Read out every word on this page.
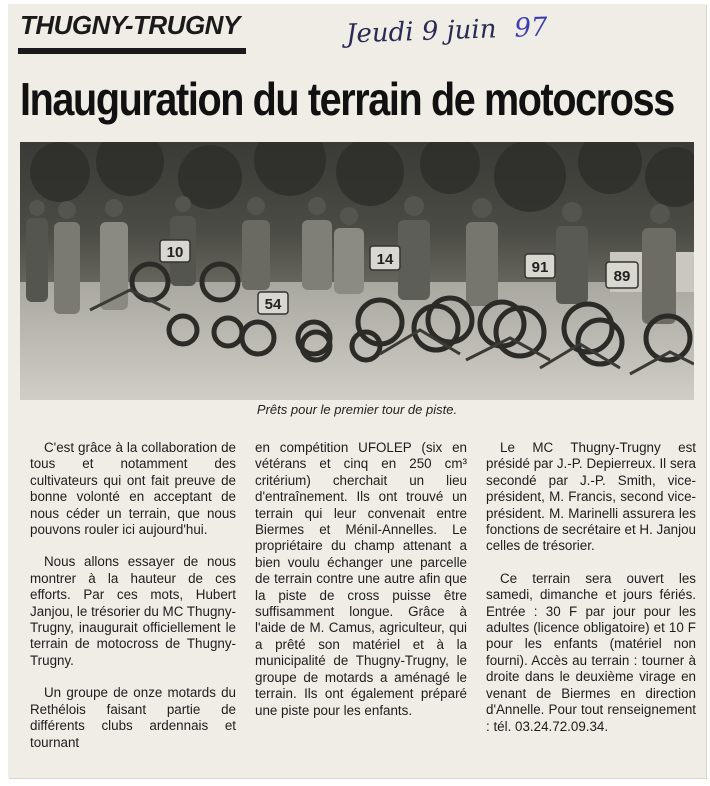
THUGNY-TRUGNY	Jeudi 9 juin 97
Inauguration du terrain de motocross
10
54
14	91
89
Prêts pour le premier tour de piste.

C'est grâce à la collaboration de tous et notamment des cultivateurs qui ont fait preuve de bonne volonté en acceptant de nous céder un terrain, que nous pouvons rouler ici aujourd'hui.

Nous allons essayer de nous montrer à la hauteur de ces efforts. Par ces mots, Hubert Janjou, le trésorier du MC Thugny-Trugny, inaugurait officiellement le terrain de motocross de Thugny-Trugny.

Un groupe de onze motards du Rethélois faisant partie de différents clubs ardennais et tournant

en compétition UFOLEP (six en vétérans et cinq en 250 cm³ critérium) cherchait un lieu d'entraînement. Ils ont trouvé un terrain qui leur convenait entre Biermes et Ménil-Annelles. Le propriétaire du champ attenant a bien voulu échanger une parcelle de terrain contre une autre afin que la piste de cross puisse être suffisamment longue. Grâce à l'aide de M. Camus, agriculteur, qui a prêté son matériel et à la municipalité de Thugny-Trugny, le groupe de motards a aménagé le terrain. Ils ont également préparé une piste pour les enfants.

Le MC Thugny-Trugny est présidé par J.-P. Depierreux. Il sera secondé par J.-P. Smith, vice-président, M. Francis, second vice-président. M. Marinelli assurera les fonctions de secrétaire et H. Janjou celles de trésorier.

Ce terrain sera ouvert les samedi, dimanche et jours fériés. Entrée : 30 F par jour pour les adultes (licence obligatoire) et 10 F pour les enfants (matériel non fourni). Accès au terrain : tourner à droite dans le deuxième virage en venant de Biermes en direction d'Annelle. Pour tout renseignement : tél. 03.24.72.09.34.
